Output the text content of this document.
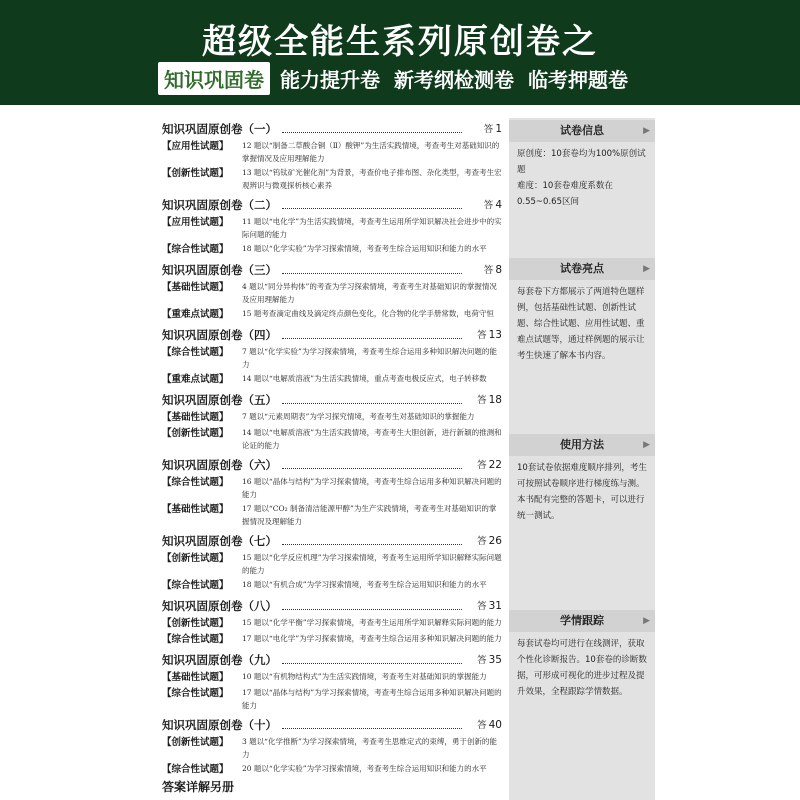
超级全能生系列原创卷之
知识巩固卷 能力提升卷 新考纲检测卷 临考押题卷
知识巩固原创卷（一）	答 1
【应用性试题】	12 题以“制备二草酸合铜（Ⅱ）酸钾”为生活实践情境，考查考生对基础知识的掌握情况及应用理解能力
【创新性试题】	13 题以“钨钛矿光催化剂”为背景，考查价电子排布图、杂化类型，考查考生宏观辨识与微观探析核心素养
知识巩固原创卷（二）	答 4
【应用性试题】	11 题以“电化学”为生活实践情境，考查考生运用所学知识解决社会进步中的实际问题的能力
【综合性试题】	18 题以“化学实验”为学习探索情境，考查考生综合运用知识和能力的水平
知识巩固原创卷（三）	答 8
【基础性试题】	4 题以“同分异构体”的考查为学习探索情境，考查考生对基础知识的掌握情况及应用理解能力
【重难点试题】	15 题考查滴定曲线及滴定终点颜色变化，化合物的化学手册常数，电荷守恒
知识巩固原创卷（四）	答 13
【综合性试题】	7 题以“化学实验”为学习探索情境，考查考生综合运用多种知识解决问题的能力
【重难点试题】	14 题以“电解质溶液”为生活实践情境，重点考查电极反应式，电子转移数
知识巩固原创卷（五）	答 18
【基础性试题】	7 题以“元素周期表”为学习探究情境，考查考生对基础知识的掌握能力
【创新性试题】	14 题以“电解质溶液”为生活实践情境，考查考生大胆创新，进行新颖的推测和论证的能力
知识巩固原创卷（六）	答 22
【综合性试题】	16 题以“晶体与结构”为学习探索情境，考查考生综合运用多种知识解决问题的能力
【基础性试题】	17 题以“CO₂ 制备清洁能源甲醇”为生产实践情境，考查考生对基础知识的掌握情况及理解能力
知识巩固原创卷（七）	答 26
【创新性试题】	15 题以“化学反应机理”为学习探索情境，考查考生运用所学知识解释实际问题的能力
【综合性试题】	18 题以“有机合成”为学习探索情境，考查考生综合运用知识和能力的水平
知识巩固原创卷（八）	答 31
【创新性试题】	15 题以“化学平衡”学习探索情境，考查考生运用所学知识解释实际问题的能力
【综合性试题】	17 题以“电化学”为学习探索情境，考查考生综合运用多种知识解决问题的能力
知识巩固原创卷（九）	答 35
【基础性试题】	10 题以“有机物结构式”为生活实践情境，考查考生对基础知识的掌握能力
【综合性试题】	17 题以“晶体与结构”为学习探索情境，考查考生综合运用多种知识解决问题的能力
知识巩固原创卷（十）	答 40
【创新性试题】	3 题以“化学推断”为学习探索情境，考查考生思维定式的束缚，勇于创新的能力
【综合性试题】	20 题以“化学实验”为学习探索情境，考查考生综合运用知识和能力的水平
答案详解另册
试卷信息	▶
原创度：10套卷均为100%原创试题
难度：10套卷难度系数在0.55~0.65区间
试卷亮点	▶
每套卷下方都展示了两道特色题样例，包括基础性试题、创新性试题、综合性试题、应用性试题、重难点试题等，通过样例题的展示让考生快速了解本书内容。
使用方法	▶
10套试卷依据难度顺序排列，考生可按照试卷顺序进行梯度练与测。本书配有完整的答题卡，可以进行统一测试。
学情跟踪	▶
每套试卷均可进行在线测评，获取个性化诊断报告。10套卷的诊断数据，可形成可视化的进步过程及提升效果，全程跟踪学情数据。
